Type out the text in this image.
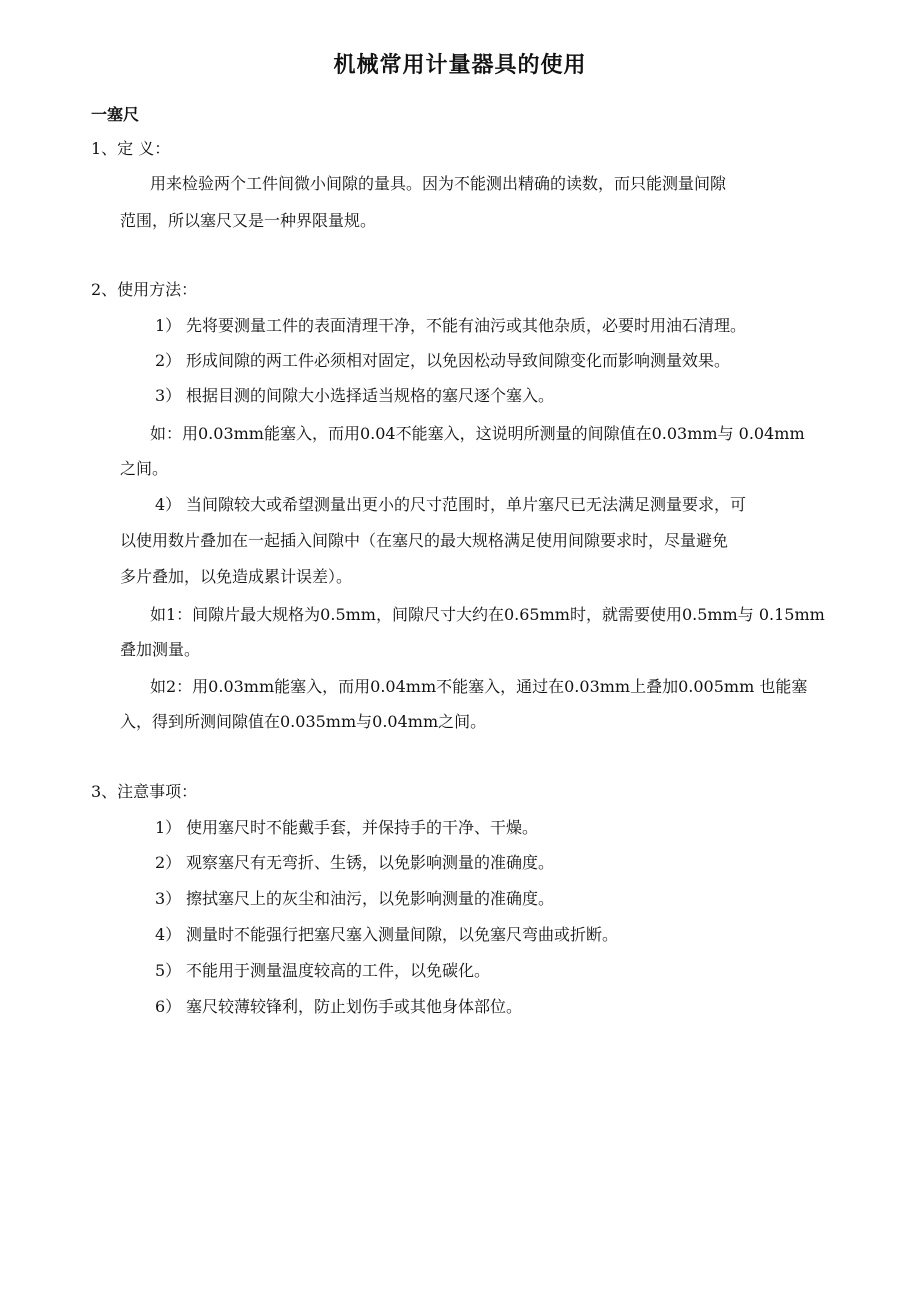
机械常用计量器具的使用
一塞尺
1、定 义：
用来检验两个工件间微小间隙的量具。因为不能测出精确的读数，而只能测量间隙
范围，所以塞尺又是一种界限量规。
2、使用方法：
1） 先将要测量工件的表面清理干净，不能有油污或其他杂质，必要时用油石清理。
2） 形成间隙的两工件必须相对固定，以免因松动导致间隙变化而影响测量效果。
3） 根据目测的间隙大小选择适当规格的塞尺逐个塞入。
如：用0.03mm能塞入，而用0.04不能塞入，这说明所测量的间隙值在0.03mm与 0.04mm
之间。
4） 当间隙较大或希望测量出更小的尺寸范围时，单片塞尺已无法满足测量要求，可
以使用数片叠加在一起插入间隙中（在塞尺的最大规格满足使用间隙要求时，尽量避免
多片叠加，以免造成累计误差）。
如1：间隙片最大规格为0.5mm，间隙尺寸大约在0.65mm时，就需要使用0.5mm与 0.15mm
叠加测量。
如2：用0.03mm能塞入，而用0.04mm不能塞入，通过在0.03mm上叠加0.005mm 也能塞
入，得到所测间隙值在0.035mm与0.04mm之间。
3、注意事项：
1） 使用塞尺时不能戴手套，并保持手的干净、干燥。
2） 观察塞尺有无弯折、生锈，以免影响测量的准确度。
3） 擦拭塞尺上的灰尘和油污，以免影响测量的准确度。
4） 测量时不能强行把塞尺塞入测量间隙，以免塞尺弯曲或折断。
5） 不能用于测量温度较高的工件，以免碳化。
6） 塞尺较薄较锋利，防止划伤手或其他身体部位。
